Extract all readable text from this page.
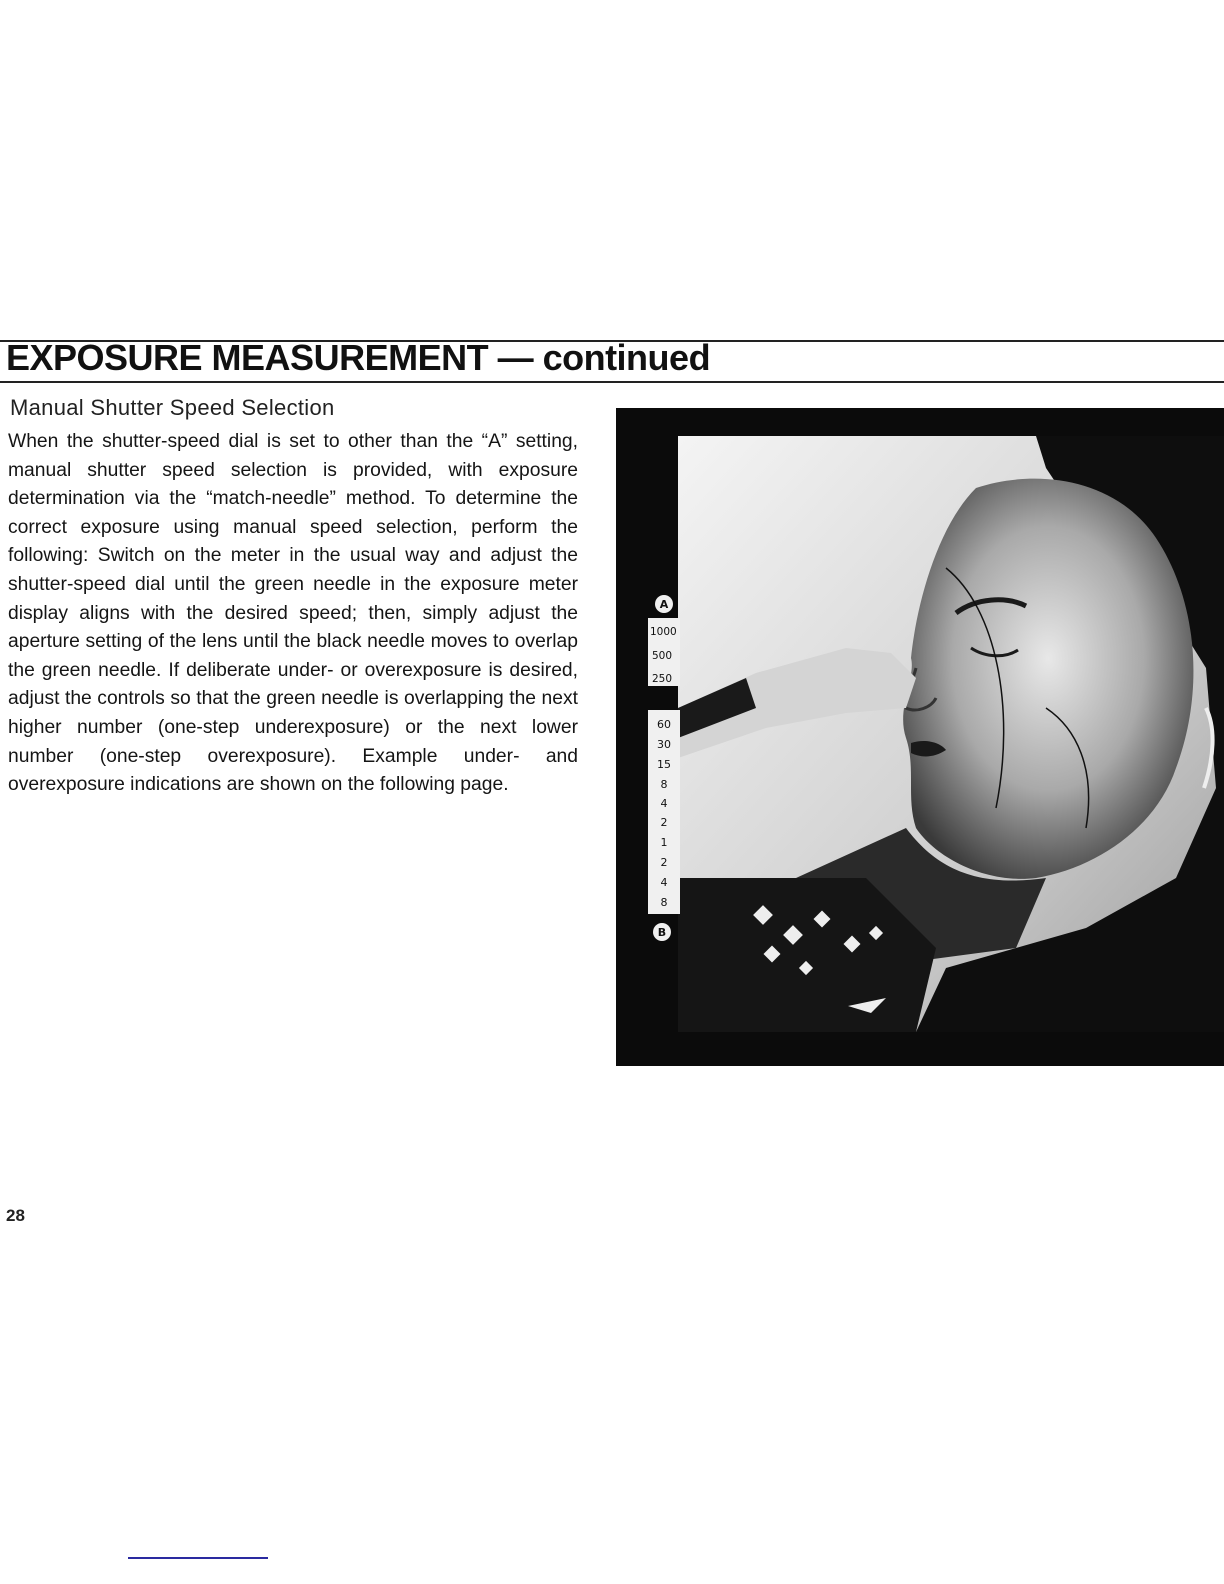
EXPOSURE MEASUREMENT — continued
Manual Shutter Speed Selection

When the shutter-speed dial is set to other than the “A” setting, manual shutter speed selection is provided, with exposure determination via the “match-needle” method. To determine the correct exposure using manual speed selection, perform the following: Switch on the meter in the usual way and adjust the shutter-speed dial until the green needle in the exposure meter display aligns with the desired speed; then, simply adjust the aperture setting of the lens until the black needle moves to overlap the green needle. If deliberate under- or overexposure is desired, adjust the controls so that the green needle is overlapping the next higher number (one-step underexposure) or the next lower number (one-step overexposure). Example under- and overexposure indications are shown on the following page.

A
1000
500
250
60
30
15
8
4
2
1
2
4
8
B
28
